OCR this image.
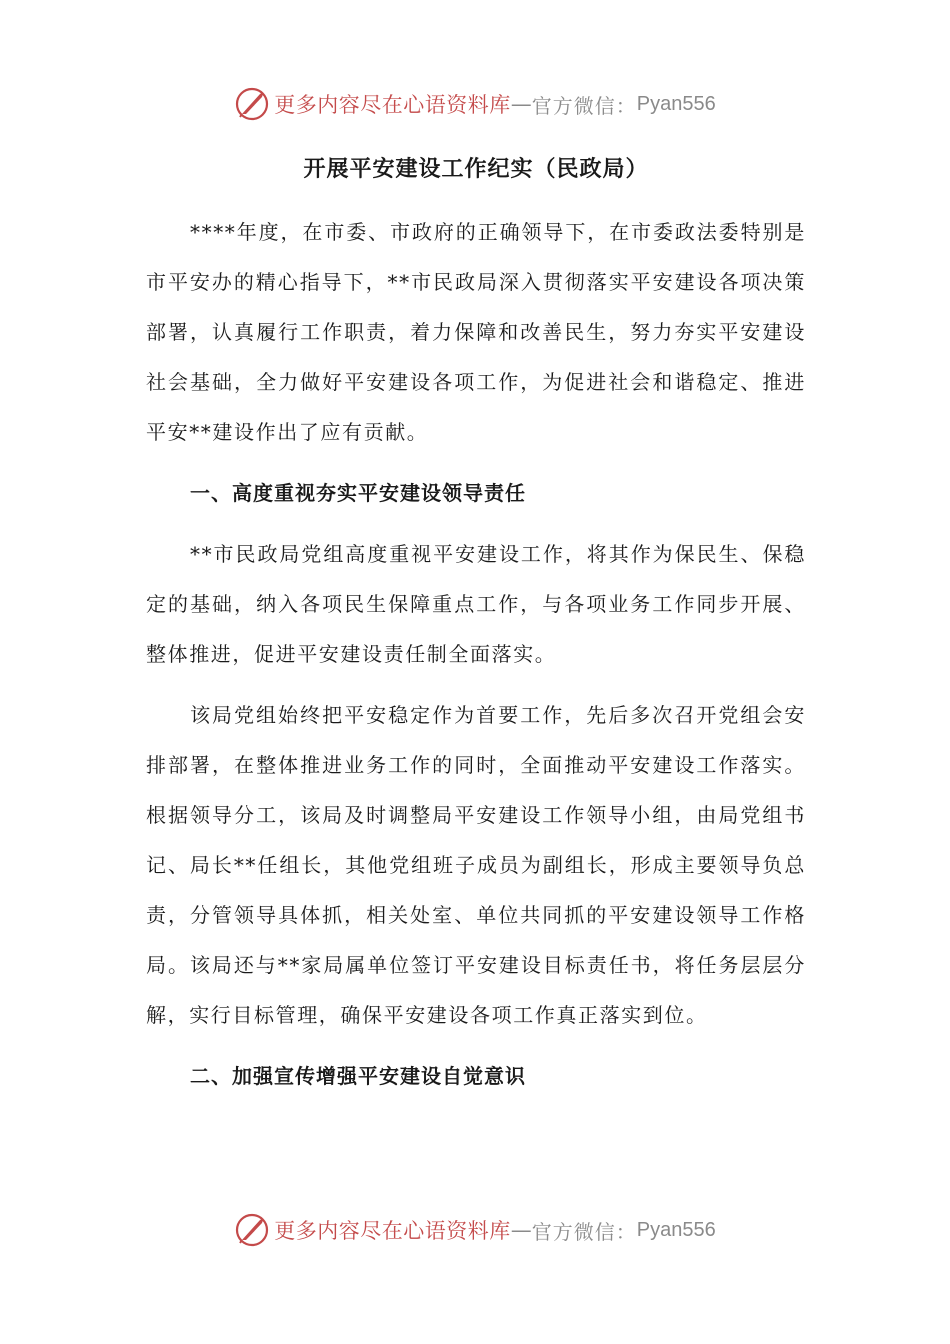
更多内容尽在心语资料库 — 官方微信： Pyan556
开展平安建设工作纪实（民政局）

****年度，在市委、市政府的正确领导下，在市委政法委特别是市平安办的精心指导下，**市民政局深入贯彻落实平安建设各项决策部署，认真履行工作职责，着力保障和改善民生，努力夯实平安建设社会基础，全力做好平安建设各项工作，为促进社会和谐稳定、推进平安**建设作出了应有贡献。

一、高度重视夯实平安建设领导责任

**市民政局党组高度重视平安建设工作，将其作为保民生、保稳定的基础，纳入各项民生保障重点工作，与各项业务工作同步开展、整体推进，促进平安建设责任制全面落实。

该局党组始终把平安稳定作为首要工作，先后多次召开党组会安排部署，在整体推进业务工作的同时，全面推动平安建设工作落实。根据领导分工，该局及时调整局平安建设工作领导小组，由局党组书记、局长**任组长，其他党组班子成员为副组长，形成主要领导负总责，分管领导具体抓，相关处室、单位共同抓的平安建设领导工作格局。该局还与**家局属单位签订平安建设目标责任书，将任务层层分解，实行目标管理，确保平安建设各项工作真正落实到位。

二、加强宣传增强平安建设自觉意识

更多内容尽在心语资料库 — 官方微信： Pyan556
